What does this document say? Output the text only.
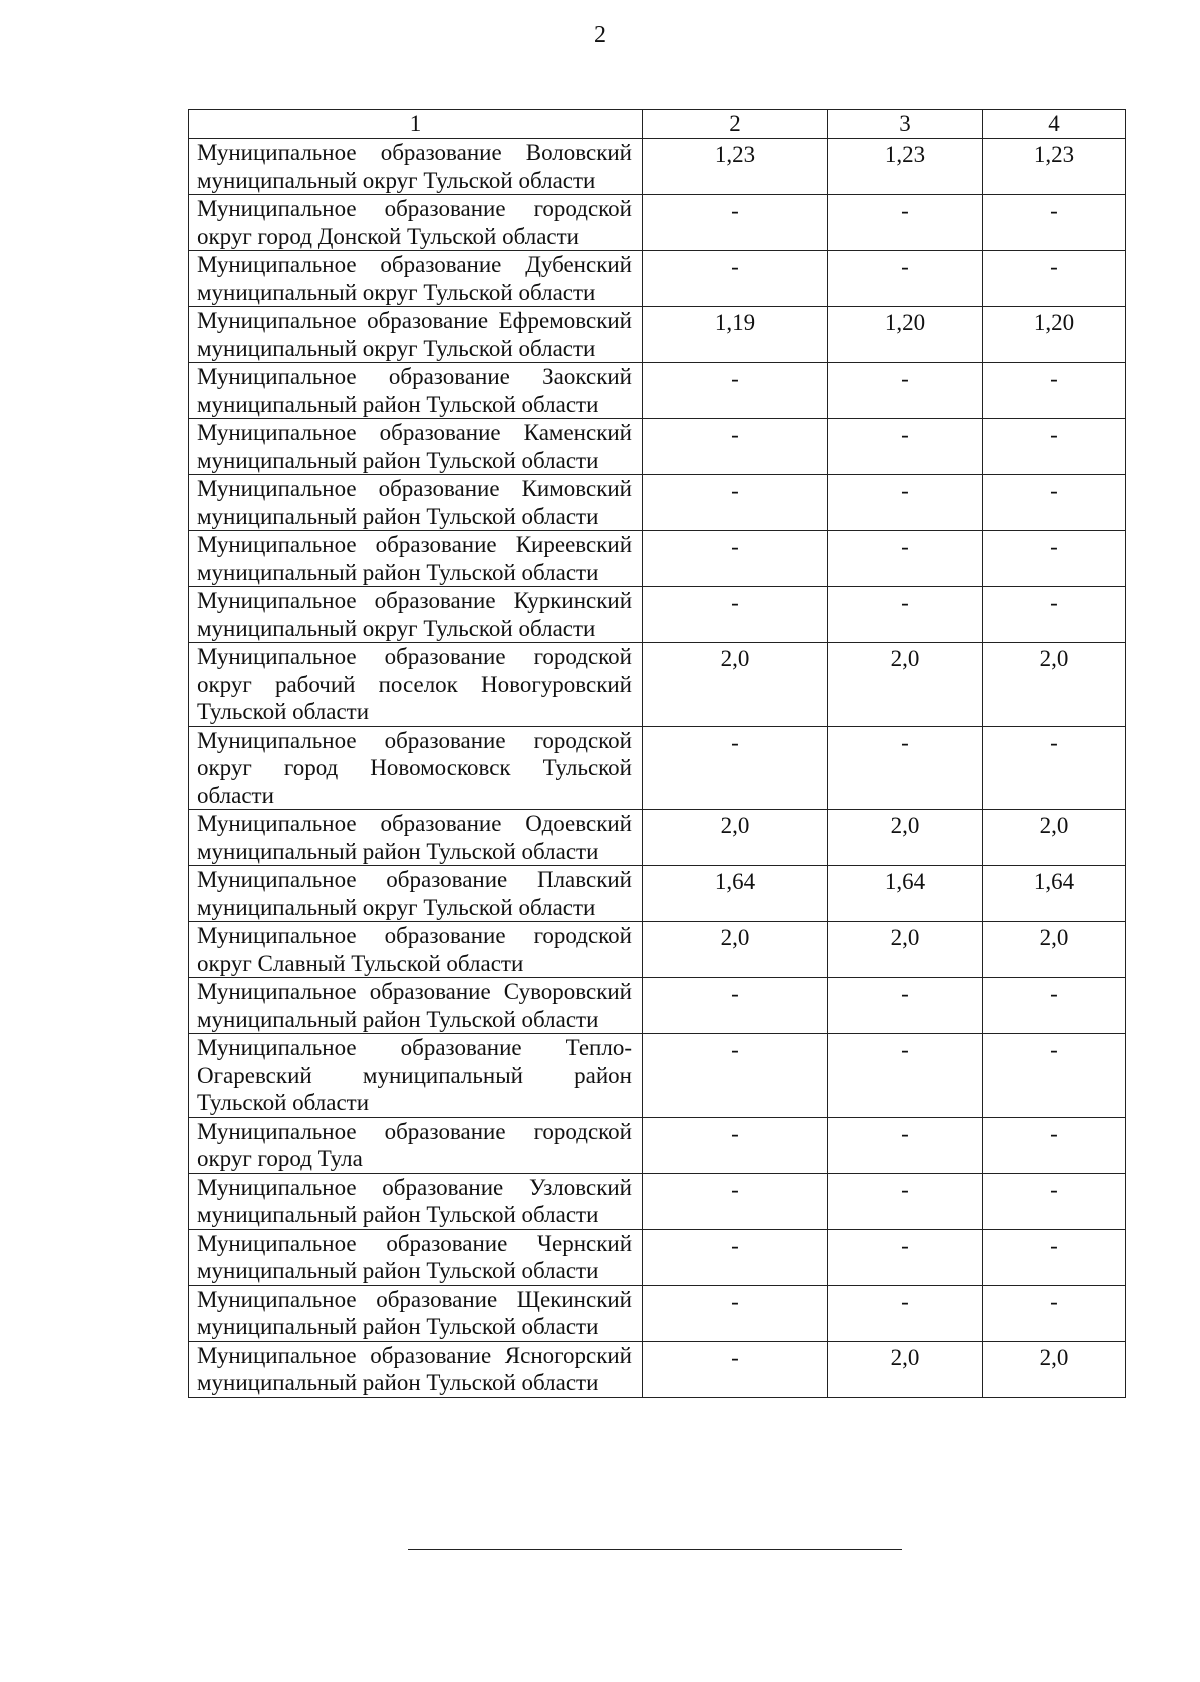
2
1	2	3	4
Муниципальное образование Воловский муниципальный округ Тульской области	1,23	1,23	1,23
Муниципальное образование городской округ город Донской Тульской области	-	-	-
Муниципальное образование Дубенский муниципальный округ Тульской области	-	-	-
Муниципальное образование Ефремовский муниципальный округ Тульской области	1,19	1,20	1,20
Муниципальное образование Заокский муниципальный район Тульской области	-	-	-
Муниципальное образование Каменский муниципальный район Тульской области	-	-	-
Муниципальное образование Кимовский муниципальный район Тульской области	-	-	-
Муниципальное образование Киреевский муниципальный район Тульской области	-	-	-
Муниципальное образование Куркинский муниципальный округ Тульской области	-	-	-
Муниципальное образование городской округ рабочий поселок Новогуровский Тульской области	2,0	2,0	2,0
Муниципальное образование городской округ город Новомосковск Тульской области	-	-	-
Муниципальное образование Одоевский муниципальный район Тульской области	2,0	2,0	2,0
Муниципальное образование Плавский муниципальный округ Тульской области	1,64	1,64	1,64
Муниципальное образование городской округ Славный Тульской области	2,0	2,0	2,0
Муниципальное образование Суворовский муниципальный район Тульской области	-	-	-
Муниципальное образование Тепло-Огаревский муниципальный район Тульской области	-	-	-
Муниципальное образование городской округ город Тула	-	-	-
Муниципальное образование Узловский муниципальный район Тульской области	-	-	-
Муниципальное образование Чернский муниципальный район Тульской области	-	-	-
Муниципальное образование Щекинский муниципальный район Тульской области	-	-	-
Муниципальное образование Ясногорский муниципальный район Тульской области	-	2,0	2,0
